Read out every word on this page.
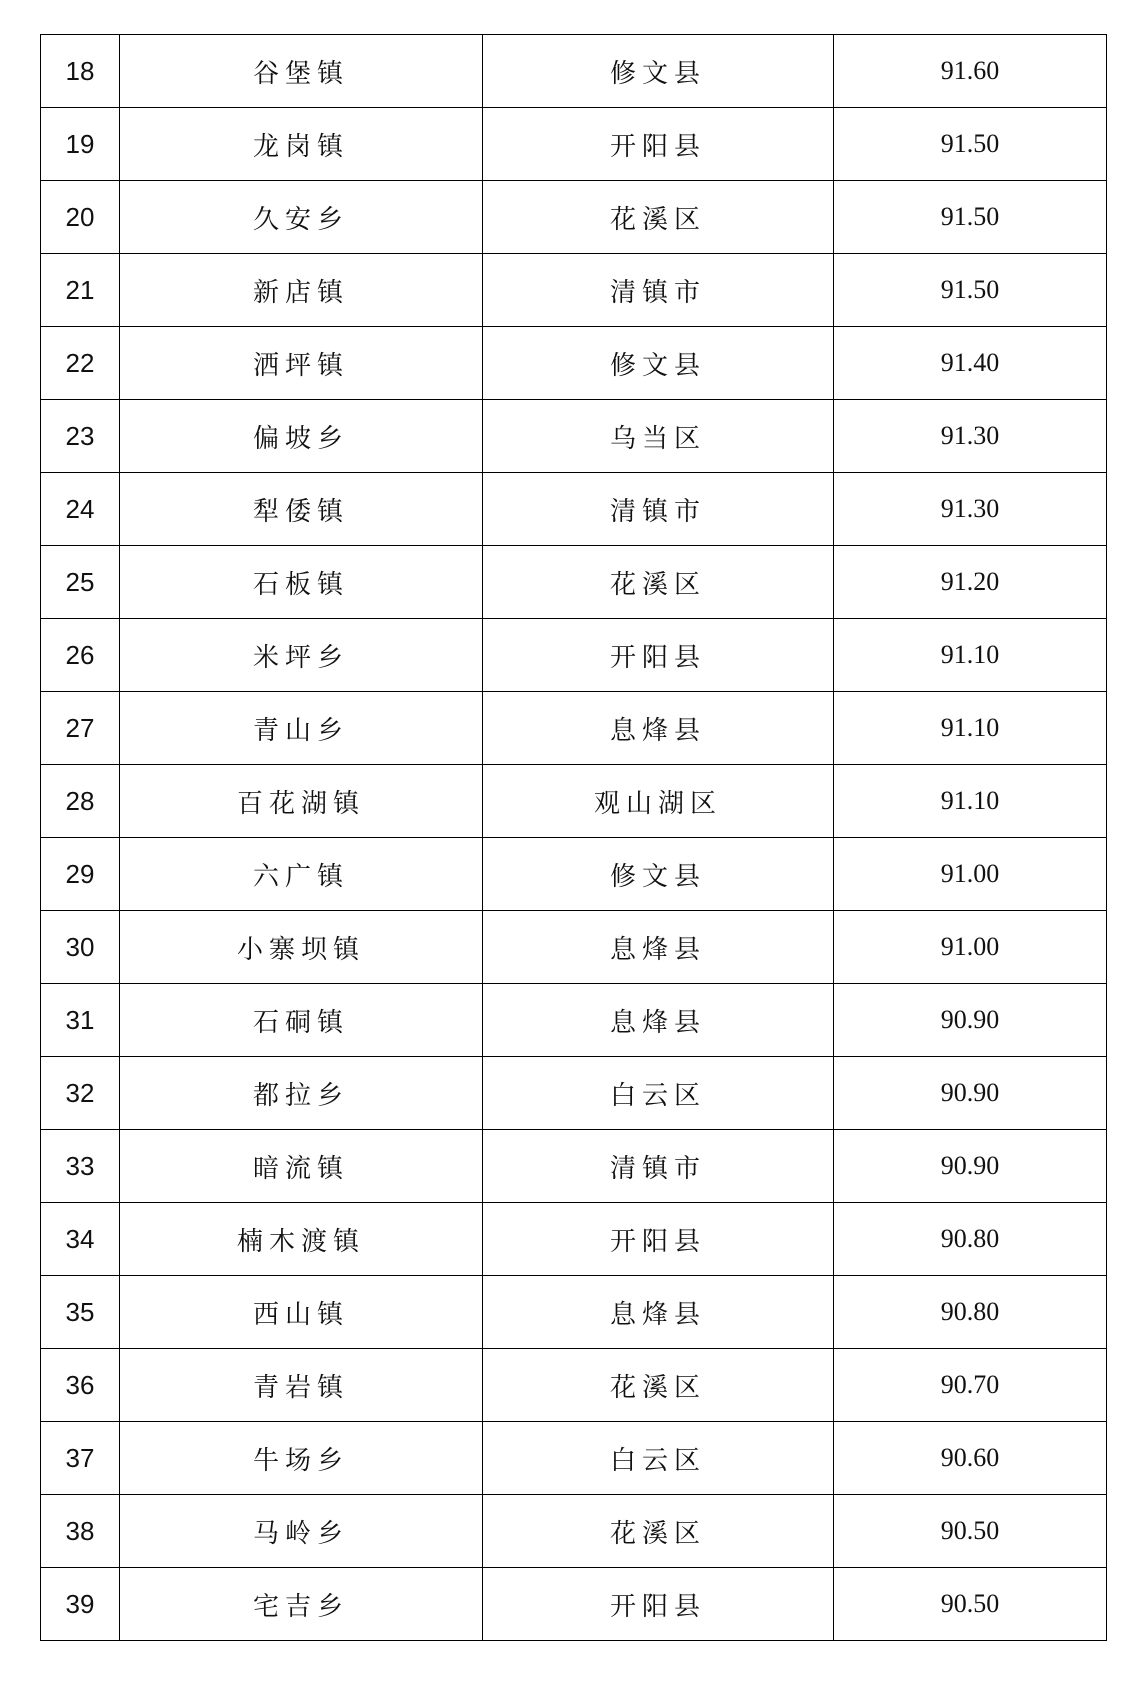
18	谷堡镇	修文县	91.60
19	龙岗镇	开阳县	91.50
20	久安乡	花溪区	91.50
21	新店镇	清镇市	91.50
22	洒坪镇	修文县	91.40
23	偏坡乡	乌当区	91.30
24	犁倭镇	清镇市	91.30
25	石板镇	花溪区	91.20
26	米坪乡	开阳县	91.10
27	青山乡	息烽县	91.10
28	百花湖镇	观山湖区	91.10
29	六广镇	修文县	91.00
30	小寨坝镇	息烽县	91.00
31	石硐镇	息烽县	90.90
32	都拉乡	白云区	90.90
33	暗流镇	清镇市	90.90
34	楠木渡镇	开阳县	90.80
35	西山镇	息烽县	90.80
36	青岩镇	花溪区	90.70
37	牛场乡	白云区	90.60
38	马岭乡	花溪区	90.50
39	宅吉乡	开阳县	90.50
